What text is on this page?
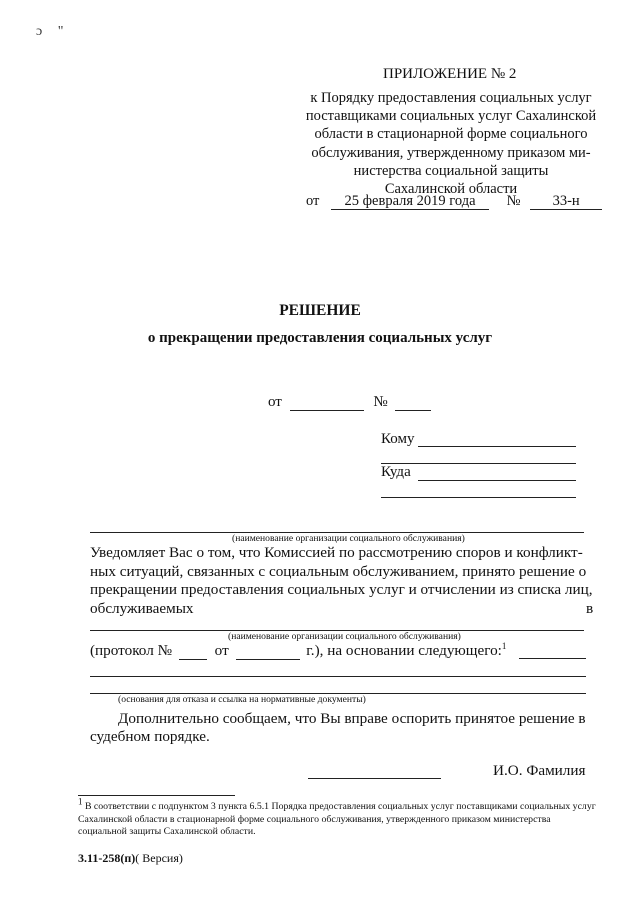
ɔ "
ПРИЛОЖЕНИЕ № 2
к Порядку предоставления социальных услуг
поставщиками социальных услуг Сахалинской
области в стационарной форме социального
обслуживания, утвержденному приказом ми-
нистерства социальной защиты
Сахалинской области
от 25 февраля 2019 года № 33-н
РЕШЕНИЕ
о прекращении предоставления социальных услуг
от	№
Кому
Куда
(наименование организации социального обслуживания)
Уведомляет Вас о том, что Комиссией по рассмотрению споров и конфликт-
ных ситуаций, связанных с социальным обслуживанием, принято решение о
прекращении предоставления социальных услуг и отчислении из списка лиц,
обслуживаемых	в
(наименование организации социального обслуживания)
(протокол №	от	г.), на основании следующего:$^1$
(основания для отказа и ссылка на нормативные документы)
Дополнительно сообщаем, что Вы вправе оспорить принятое решение в
судебном порядке.
И.О. Фамилия
1 В соответствии с подпунктом 3 пункта 6.5.1 Порядка предоставления социальных услуг поставщиками социальных услуг Сахалинской области в стационарной форме социального обслуживания, утвержденного приказом министерства социальной защиты Сахалинской области.
3.11-258(п)( Версия)
